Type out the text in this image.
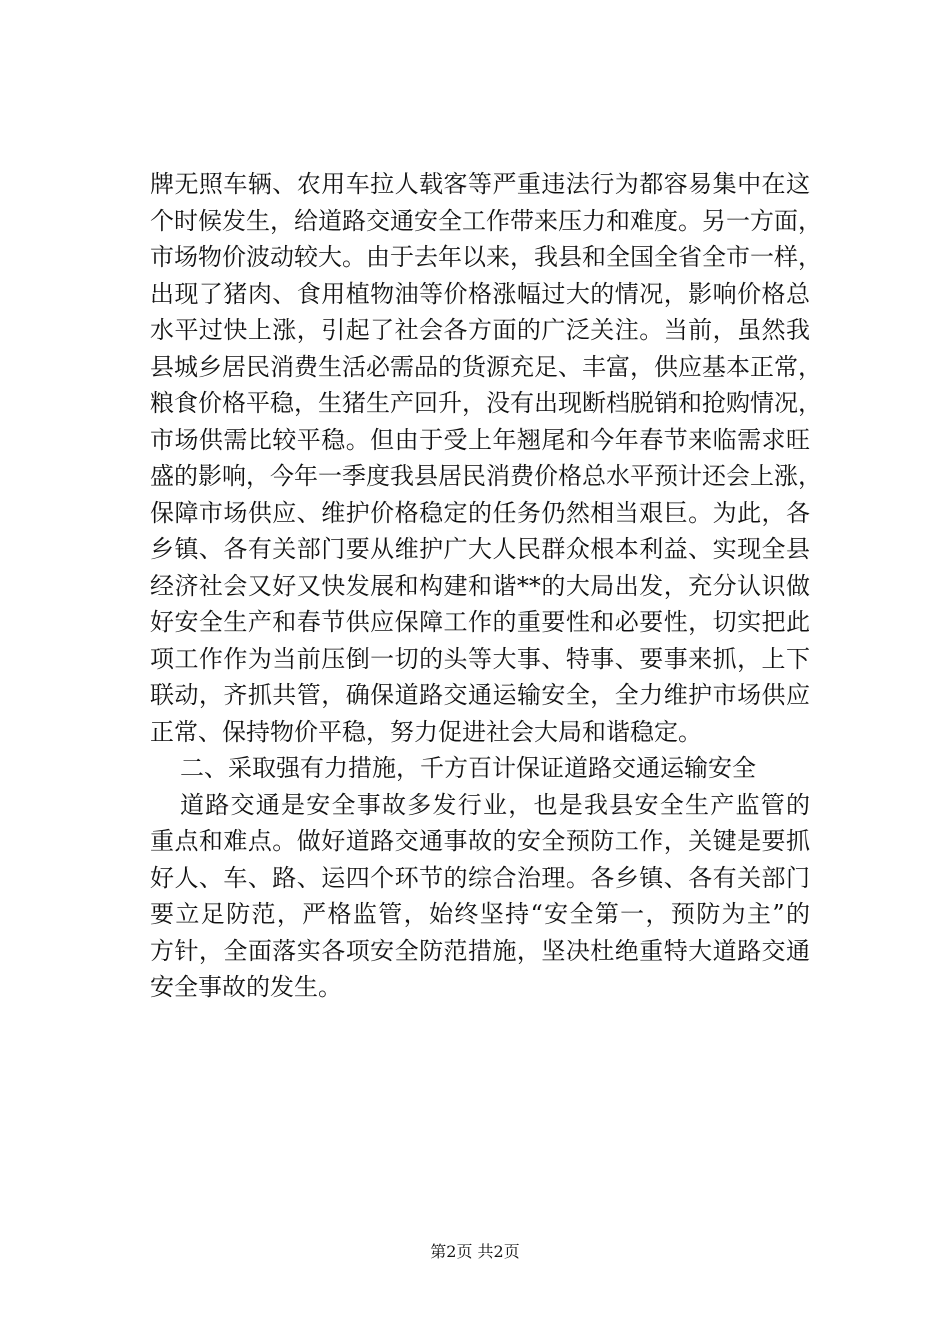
牌无照车辆、农用车拉人载客等严重违法行为都容易集中在这
个时候发生，给道路交通安全工作带来压力和难度。另一方面，
市场物价波动较大。由于去年以来，我县和全国全省全市一样，
出现了猪肉、食用植物油等价格涨幅过大的情况，影响价格总
水平过快上涨，引起了社会各方面的广泛关注。当前，虽然我
县城乡居民消费生活必需品的货源充足、丰富，供应基本正常，
粮食价格平稳，生猪生产回升，没有出现断档脱销和抢购情况，
市场供需比较平稳。但由于受上年翘尾和今年春节来临需求旺
盛的影响，今年一季度我县居民消费价格总水平预计还会上涨，
保障市场供应、维护价格稳定的任务仍然相当艰巨。为此，各
乡镇、各有关部门要从维护广大人民群众根本利益、实现全县
经济社会又好又快发展和构建和谐**的大局出发，充分认识做
好安全生产和春节供应保障工作的重要性和必要性，切实把此
项工作作为当前压倒一切的头等大事、特事、要事来抓，上下
联动，齐抓共管，确保道路交通运输安全，全力维护市场供应
正常、保持物价平稳，努力促进社会大局和谐稳定。
二、采取强有力措施，千方百计保证道路交通运输安全
道路交通是安全事故多发行业，也是我县安全生产监管的
重点和难点。做好道路交通事故的安全预防工作，关键是要抓
好人、车、路、运四个环节的综合治理。各乡镇、各有关部门
要立足防范，严格监管，始终坚持“安全第一，预防为主”的
方针，全面落实各项安全防范措施，坚决杜绝重特大道路交通
安全事故的发生。
第2页 共2页
